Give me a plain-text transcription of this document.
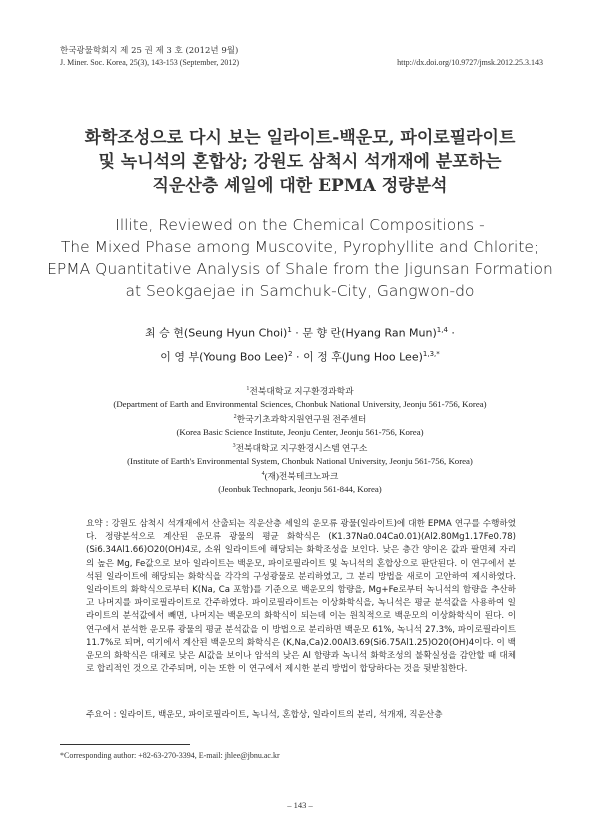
한국광물학회지 제 25 권 제 3 호 (2012년 9월)
J. Miner. Soc. Korea, 25(3), 143-153 (September, 2012)	http://dx.doi.org/10.9727/jmsk.2012.25.3.143
화학조성으로 다시 보는 일라이트-백운모, 파이로필라이트
및 녹니석의 혼합상; 강원도 삼척시 석개재에 분포하는
직운산층 셰일에 대한 EPMA 정량분석
Illite, Reviewed on the Chemical Compositions -
The Mixed Phase among Muscovite, Pyrophyllite and Chlorite;
EPMA Quantitative Analysis of Shale from the Jigunsan Formation
at Seokgaejae in Samchuk-City, Gangwon-do
최 승 현(Seung Hyun Choi)$^1$ · 문 향 란(Hyang Ran Mun)$^{1,4}$ ·
이 영 부(Young Boo Lee)$^2$ · 이 정 후(Jung Hoo Lee)$^{1,3,*}$
$^1$전북대학교 지구환경과학과
(Department of Earth and Environmental Sciences, Chonbuk National University, Jeonju 561-756, Korea)
$^2$한국기초과학지원연구원 전주센터
(Korea Basic Science Institute, Jeonju Center, Jeonju 561-756, Korea)
$^3$전북대학교 지구환경시스템 연구소
(Institute of Earth's Environmental System, Chonbuk National University, Jeonju 561-756, Korea)
$^4$(재)전북테크노파크
(Jeonbuk Technopark, Jeonju 561-844, Korea)
요약 : 강원도 삼척시 석개재에서 산출되는 직운산층 셰일의 운모류 광물(일라이트)에 대한 EPMA 연구를 수행하였다. 정량분석으로 계산된 운모류 광물의 평균 화학식은 (K1.37Na0.04Ca0.01)(Al2.80Mg1.17Fe0.78)(Si6.34Al1.66)O20(OH)4로, 소위 일라이트에 해당되는 화학조성을 보인다. 낮은 층간 양이온 값과 팔면체 자리의 높은 Mg, Fe값으로 보아 일라이트는 백운모, 파이로필라이트 및 녹니석의 혼합상으로 판단된다. 이 연구에서 분석된 일라이트에 해당되는 화학식을 각각의 구성광물로 분리하였고, 그 분리 방법을 새로이 고안하여 제시하였다. 일라이트의 화학식으로부터 K(Na, Ca 포함)를 기준으로 백운모의 함량을, Mg+Fe로부터 녹니석의 함량을 추산하고 나머지를 파이로필라이트로 간주하였다. 파이로필라이트는 이상화학식을, 녹니석은 평균 분석값을 사용하여 일라이트의 분석값에서 빼면, 나머지는 백운모의 화학식이 되는데 이는 원칙적으로 백운모의 이상화학식이 된다. 이 연구에서 분석한 운모류 광물의 평균 분석값을 이 방법으로 분리하면 백운모 61%, 녹니석 27.3%, 파이로필라이트 11.7%로 되며, 여기에서 계산된 백운모의 화학식은 (K,Na,Ca)2.00Al3.69(Si6.75Al1.25)O20(OH)4이다. 이 백운모의 화학식은 대체로 낮은 Al값을 보이나 암석의 낮은 Al 함량과 녹니석 화학조성의 불확실성을 감안할 때 대체로 합리적인 것으로 간주되며, 이는 또한 이 연구에서 제시한 분리 방법이 합당하다는 것을 뒷받침한다.
주요어 : 일라이트, 백운모, 파이로필라이트, 녹니석, 혼합상, 일라이트의 분리, 석개재, 직운산층
*Corresponding author: +82-63-270-3394, E-mail: jhlee@jbnu.ac.kr
– 143 –
